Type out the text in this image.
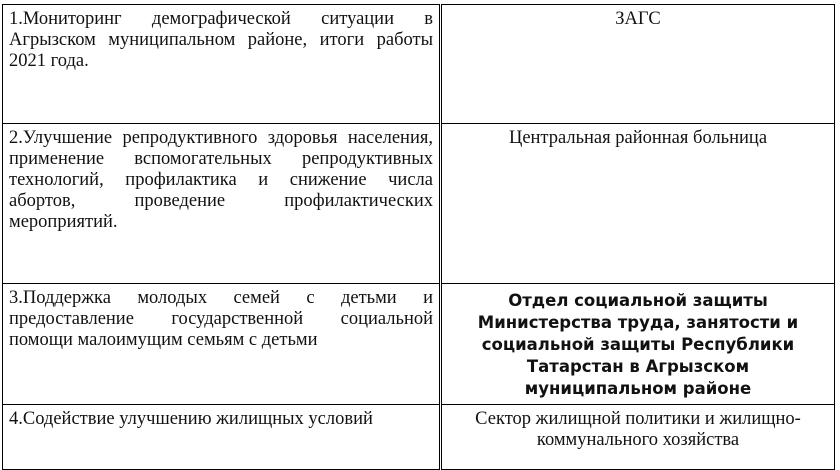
1.Мониторинг демографической ситуации в Агрызском муниципальном районе, итоги работы 2021 года.	ЗАГС
2.Улучшение репродуктивного здоровья населения, применение вспомогательных репродуктивных технологий, профилактика и снижение числа абортов, проведение профилактических мероприятий.	Центральная районная больница
3.Поддержка молодых семей с детьми и предоставление государственной социальной помощи малоимущим семьям с детьми	Отдел социальной защиты Министерства труда, занятости и социальной защиты Республики Татарстан в Агрызском муниципальном районе
4.Содействие улучшению жилищных условий	Сектор жилищной политики и жилищно-коммунального хозяйства
